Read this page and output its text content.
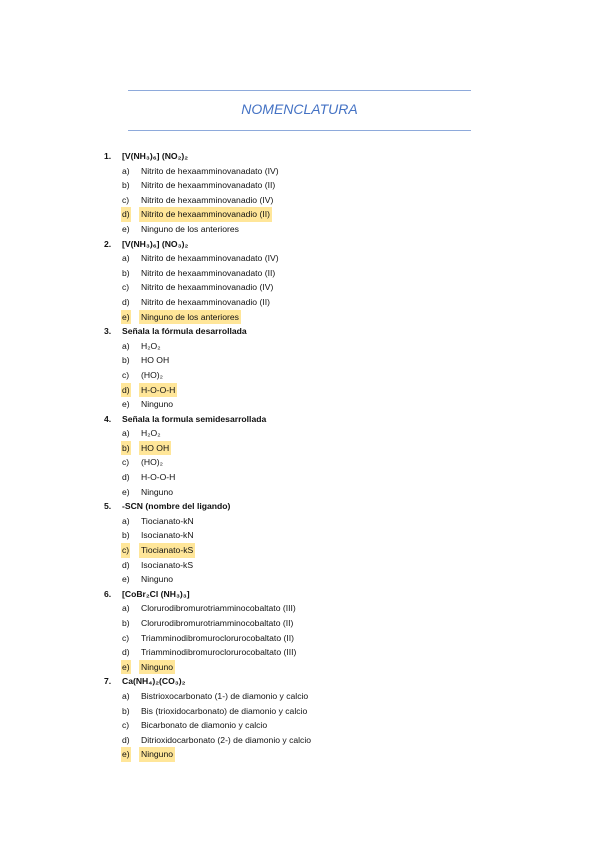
NOMENCLATURA
1. [V(NH₃)₆] (NO₂)₂
a) Nitrito de hexaamminovanadato (IV)
b) Nitrito de hexaamminovanadato (II)
c) Nitrito de hexaamminovanadio (IV)
d) Nitrito de hexaamminovanadio (II)
e) Ninguno de los anteriores
2. [V(NH₃)₆] (NO₃)₂
a) Nitrito de hexaamminovanadato (IV)
b) Nitrito de hexaamminovanadato (II)
c) Nitrito de hexaamminovanadio (IV)
d) Nitrito de hexaamminovanadio (II)
e) Ninguno de los anteriores
3. Señala la fórmula desarrollada
a) H₂O₂
b) HO OH
c) (HO)₂
d) H-O-O-H
e) Ninguno
4. Señala la formula semidesarrollada
a) H₂O₂
b) HO OH
c) (HO)₂
d) H-O-O-H
e) Ninguno
5. -SCN (nombre del ligando)
a) Tiocianato-kN
b) Isocianato-kN
c) Tiocianato-kS
d) Isocianato-kS
e) Ninguno
6. [CoBr₂Cl (NH₃)₃]
a) Clorurodibromurotriamminocobaltato (III)
b) Clorurodibromurotriamminocobaltato (II)
c) Triamminodibromuroclorurocobaltato (II)
d) Triamminodibromuroclorurocobaltato (III)
e) Ninguno
7. Ca(NH₄)₂(CO₃)₂
a) Bistrioxocarbonato (1-) de diamonio y calcio
b) Bis (trioxidocarbonato) de diamonio y calcio
c) Bicarbonato de diamonio y calcio
d) Ditrioxidocarbonato (2-) de diamonio y calcio
e) Ninguno
